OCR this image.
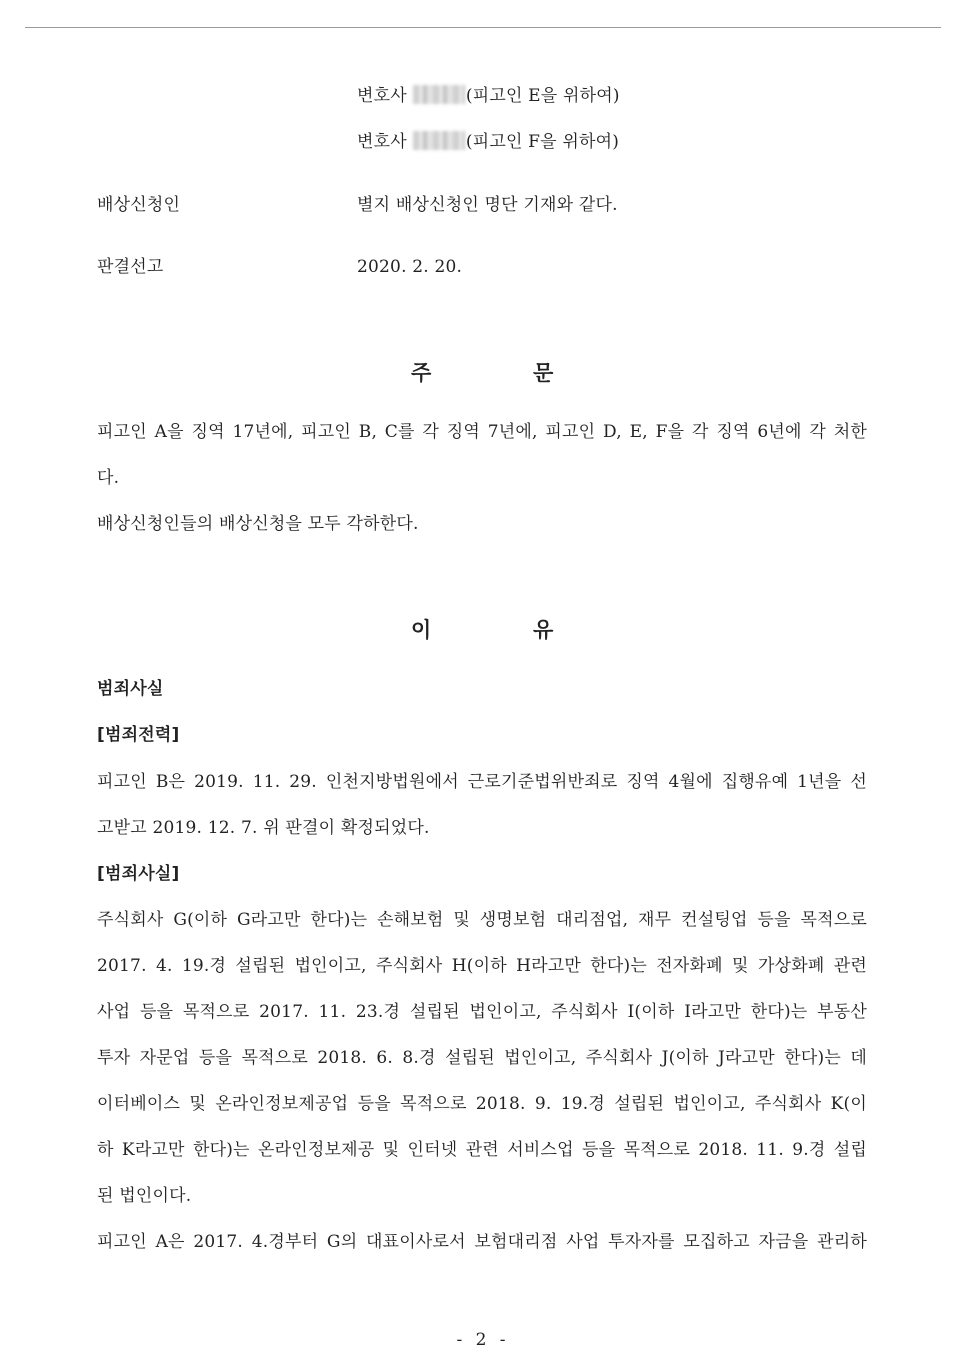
변호사	(피고인 E을 위하여)
변호사	(피고인 F을 위하여)
배상신청인	별지 배상신청인 명단 기재와 같다.
판결선고	2020. 2. 20.
주	문
피고인 A을 징역 17년에, 피고인 B, C를 각 징역 7년에, 피고인 D, E, F을 각 징역 6년에 각 처한
다.
배상신청인들의 배상신청을 모두 각하한다.
이	유
범죄사실
[범죄전력]
피고인 B은 2019. 11. 29. 인천지방법원에서 근로기준법위반죄로 징역 4월에 집행유예 1년을 선
고받고 2019. 12. 7. 위 판결이 확정되었다.
[범죄사실]
주식회사 G(이하 G라고만 한다)는 손해보험 및 생명보험 대리점업, 재무 컨설팅업 등을 목적으로
2017. 4. 19.경 설립된 법인이고, 주식회사 H(이하 H라고만 한다)는 전자화폐 및 가상화폐 관련
사업 등을 목적으로 2017. 11. 23.경 설립된 법인이고, 주식회사 I(이하 I라고만 한다)는 부동산
투자 자문업 등을 목적으로 2018. 6. 8.경 설립된 법인이고, 주식회사 J(이하 J라고만 한다)는 데
이터베이스 및 온라인정보제공업 등을 목적으로 2018. 9. 19.경 설립된 법인이고, 주식회사 K(이
하 K라고만 한다)는 온라인정보제공 및 인터넷 관련 서비스업 등을 목적으로 2018. 11. 9.경 설립
된 법인이다.
피고인 A은 2017. 4.경부터 G의 대표이사로서 보험대리점 사업 투자자를 모집하고 자금을 관리하
- 2 -
